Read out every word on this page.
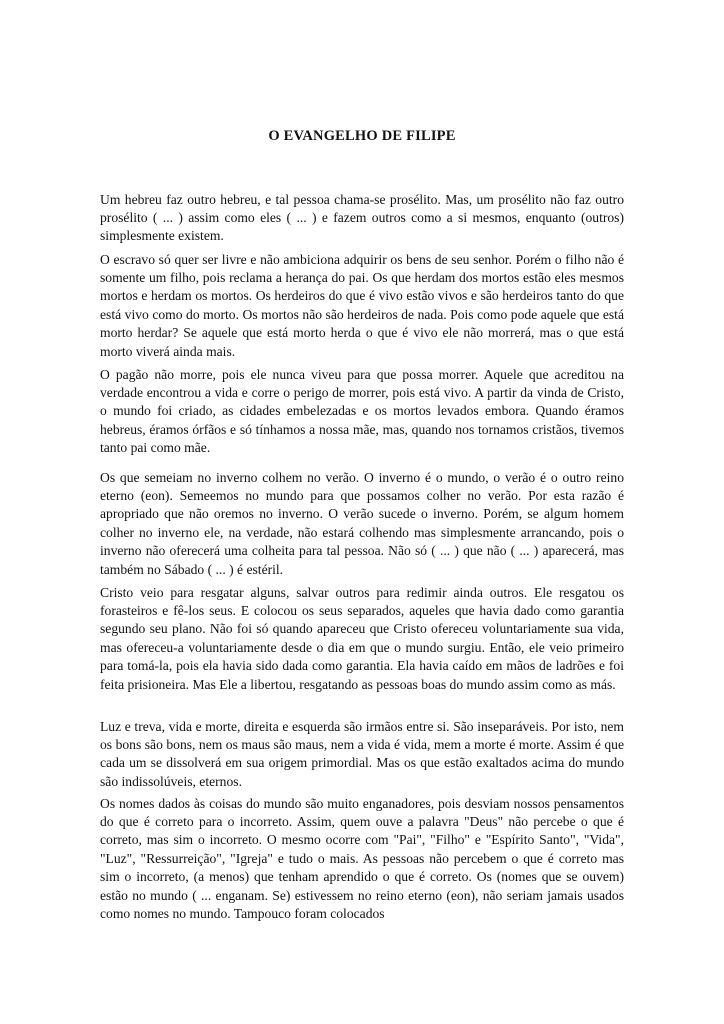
O EVANGELHO DE FILIPE

Um hebreu faz outro hebreu, e tal pessoa chama-se prosélito. Mas, um prosélito não faz outro prosélito ( ... ) assim como eles ( ... ) e fazem outros como a si mesmos, enquanto (outros) simplesmente existem.

O escravo só quer ser livre e não ambiciona adquirir os bens de seu senhor. Porém o filho não é somente um filho, pois reclama a herança do pai. Os que herdam dos mortos estão eles mesmos mortos e herdam os mortos. Os herdeiros do que é vivo estão vivos e são herdeiros tanto do que está vivo como do morto. Os mortos não são herdeiros de nada. Pois como pode aquele que está morto herdar? Se aquele que está morto herda o que é vivo ele não morrerá, mas o que está morto viverá ainda mais.

O pagão não morre, pois ele nunca viveu para que possa morrer. Aquele que acreditou na verdade encontrou a vida e corre o perigo de morrer, pois está vivo. A partir da vinda de Cristo, o mundo foi criado, as cidades embelezadas e os mortos levados embora. Quando éramos hebreus, éramos órfãos e só tínhamos a nossa mãe, mas, quando nos tornamos cristãos, tivemos tanto pai como mãe.

Os que semeiam no inverno colhem no verão. O inverno é o mundo, o verão é o outro reino eterno (eon). Semeemos no mundo para que possamos colher no verão. Por esta razão é apropriado que não oremos no inverno. O verão sucede o inverno. Porém, se algum homem colher no inverno ele, na verdade, não estará colhendo mas simplesmente arrancando, pois o inverno não oferecerá uma colheita para tal pessoa. Não só ( ... ) que não ( ... ) aparecerá, mas também no Sábado ( ... ) é estéril.

Cristo veio para resgatar alguns, salvar outros para redimir ainda outros. Ele resgatou os forasteiros e fê-los seus. E colocou os seus separados, aqueles que havia dado como garantia segundo seu plano. Não foi só quando apareceu que Cristo ofereceu voluntariamente sua vida, mas ofereceu-a voluntariamente desde o dia em que o mundo surgiu. Então, ele veio primeiro para tomá-la, pois ela havia sido dada como garantia. Ela havia caído em mãos de ladrões e foi feita prisioneira. Mas Ele a libertou, resgatando as pessoas boas do mundo assim como as más.

Luz e treva, vida e morte, direita e esquerda são irmãos entre si. São inseparáveis. Por isto, nem os bons são bons, nem os maus são maus, nem a vida é vida, mem a morte é morte. Assim é que cada um se dissolverá em sua origem primordial. Mas os que estão exaltados acima do mundo são indissolúveis, eternos.

Os nomes dados às coisas do mundo são muito enganadores, pois desviam nossos pensamentos do que é correto para o incorreto. Assim, quem ouve a palavra "Deus" não percebe o que é correto, mas sim o incorreto. O mesmo ocorre com "Pai", "Filho" e "Espírito Santo", "Vida", "Luz", "Ressurreição", "Igreja" e tudo o mais. As pessoas não percebem o que é correto mas sim o incorreto, (a menos) que tenham aprendido o que é correto. Os (nomes que se ouvem) estão no mundo ( ... enganam. Se) estivessem no reino eterno (eon), não seriam jamais usados como nomes no mundo. Tampouco foram colocados
